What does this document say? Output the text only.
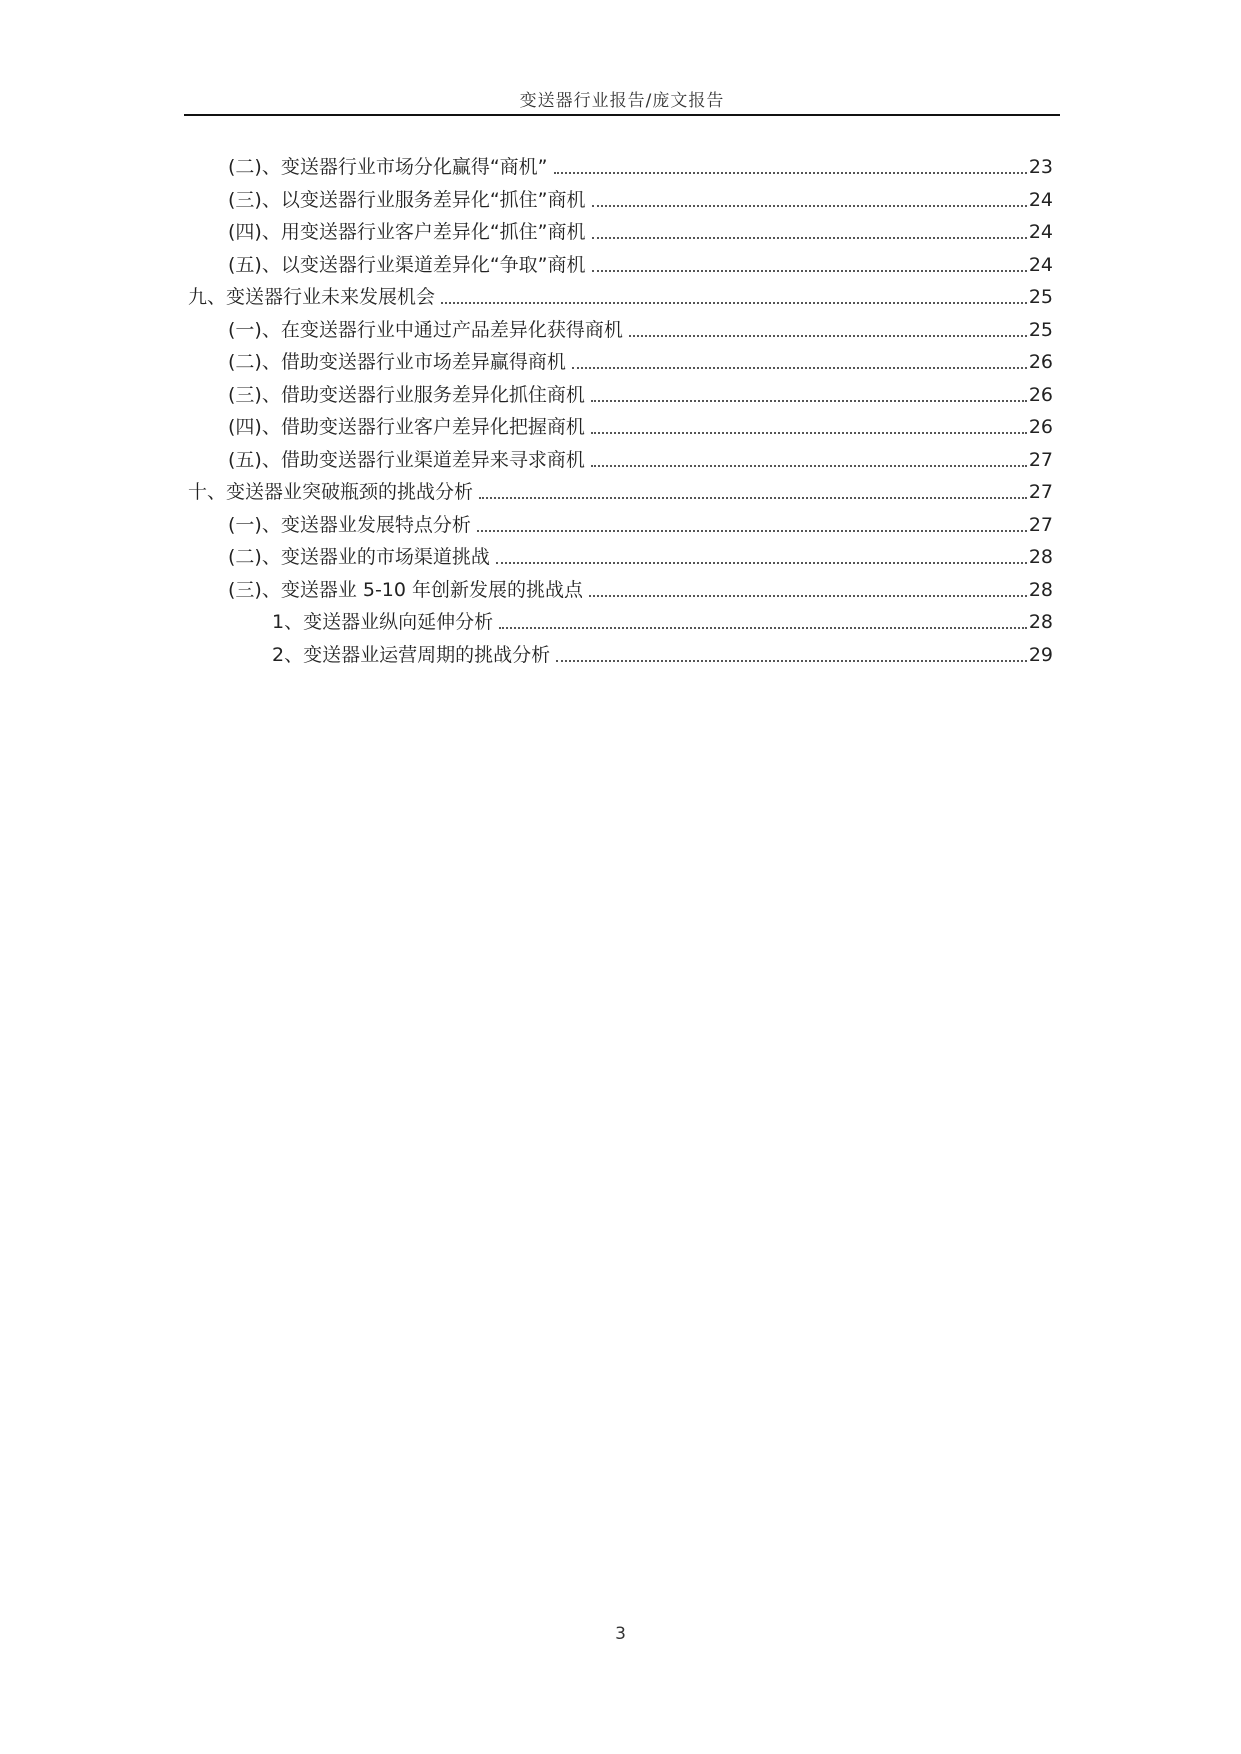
变送器行业报告/庞文报告
(二)、变送器行业市场分化赢得“商机”	23
(三)、以变送器行业服务差异化“抓住”商机	24
(四)、用变送器行业客户差异化“抓住”商机	24
(五)、以变送器行业渠道差异化“争取”商机	24
九、变送器行业未来发展机会	25
(一)、在变送器行业中通过产品差异化获得商机	25
(二)、借助变送器行业市场差异赢得商机	26
(三)、借助变送器行业服务差异化抓住商机	26
(四)、借助变送器行业客户差异化把握商机	26
(五)、借助变送器行业渠道差异来寻求商机	27
十、变送器业突破瓶颈的挑战分析	27
(一)、变送器业发展特点分析	27
(二)、变送器业的市场渠道挑战	28
(三)、变送器业 5-10 年创新发展的挑战点	28
1、变送器业纵向延伸分析	28
2、变送器业运营周期的挑战分析	29
3
